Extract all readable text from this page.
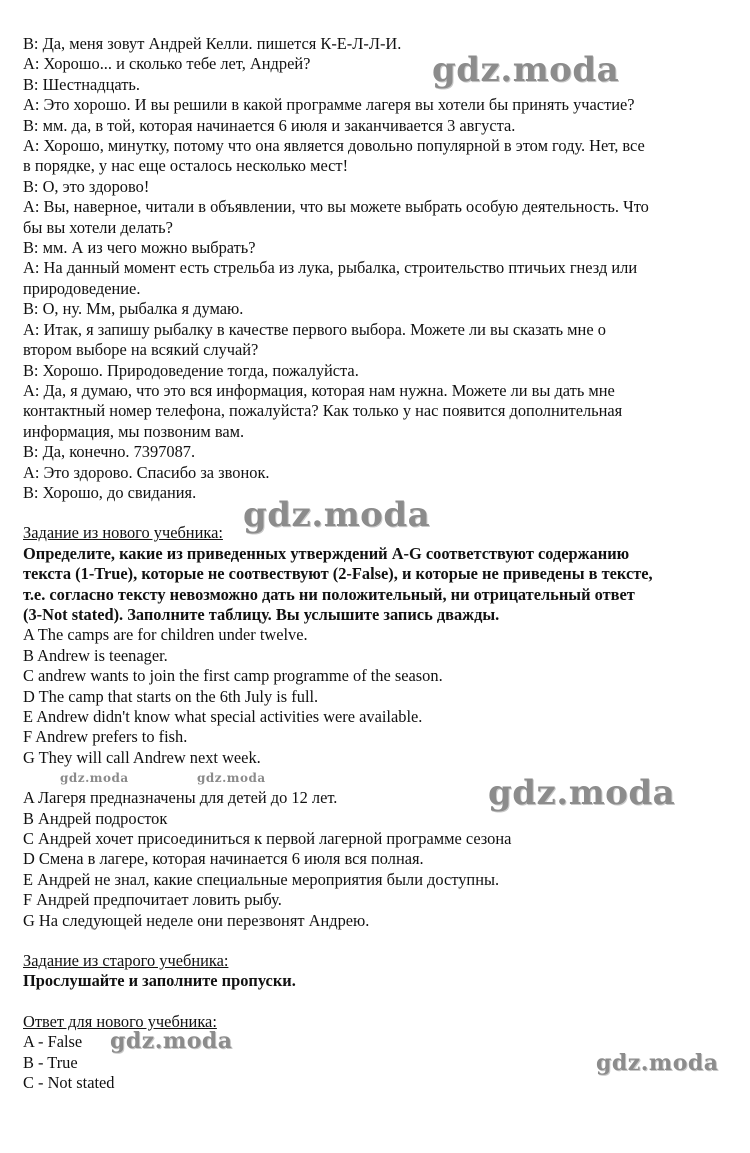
B: Да, меня зовут Андрей Келли. пишется К-Е-Л-Л-И.
A: Хорошо... и сколько тебе лет, Андрей?
B: Шестнадцать.
A: Это хорошо. И вы решили в какой программе лагеря вы хотели бы принять участие?
B: мм. да, в той, которая начинается 6 июля и заканчивается 3 августа.
A: Хорошо, минутку, потому что она является довольно популярной в этом году. Нет, все
в порядке, у нас еще осталось несколько мест!
B: О, это здорово!
A: Вы, наверное, читали в объявлении, что вы можете выбрать особую деятельность. Что
бы вы хотели делать?
B: мм. А из чего можно выбрать?
A: На данный момент есть стрельба из лука, рыбалка, строительство птичьих гнезд или
природоведение.
B: О, ну. Мм, рыбалка я думаю.
A: Итак, я запишу рыбалку в качестве первого выбора. Можете ли вы сказать мне о
втором выборе на всякий случай?
B: Хорошо. Природоведение тогда, пожалуйста.
A: Да, я думаю, что это вся информация, которая нам нужна. Можете ли вы дать мне
контактный номер телефона, пожалуйста? Как только у нас появится дополнительная
информация, мы позвоним вам.
B: Да, конечно. 7397087.
A: Это здорово. Спасибо за звонок.
B: Хорошо, до свидания.
Задание из нового учебника:
Определите, какие из приведенных утверждений A-G соответствуют содержанию
текста (1-True), которые не соотвествуют (2-False), и которые не приведены в тексте,
т.е. согласно тексту невозможно дать ни положительный, ни отрицательный ответ
(3-Not stated). Заполните таблицу. Вы услышите запись дважды.
A The camps are for children under twelve.
B Andrew is teenager.
C andrew wants to join the first camp programme of the season.
D The camp that starts on the 6th July is full.
E Andrew didn't know what special activities were available.
F Andrew prefers to fish.
G They will call Andrew next week.
A Лагеря предназначены для детей до 12 лет.
B Андрей подросток
C Андрей хочет присоединиться к первой лагерной программе сезона
D Смена в лагере, которая начинается 6 июля вся полная.
E Андрей не знал, какие специальные мероприятия были доступны.
F Андрей предпочитает ловить рыбу.
G На следующей неделе они перезвонят Андрею.
Задание из старого учебника:
Прослушайте и заполните пропуски.
Ответ для нового учебника:
A - False
B - True
C - Not stated
gdz.moda
gdz.moda
gdz.moda
gdz.moda
gdz.moda
gdz.moda	gdz.moda
